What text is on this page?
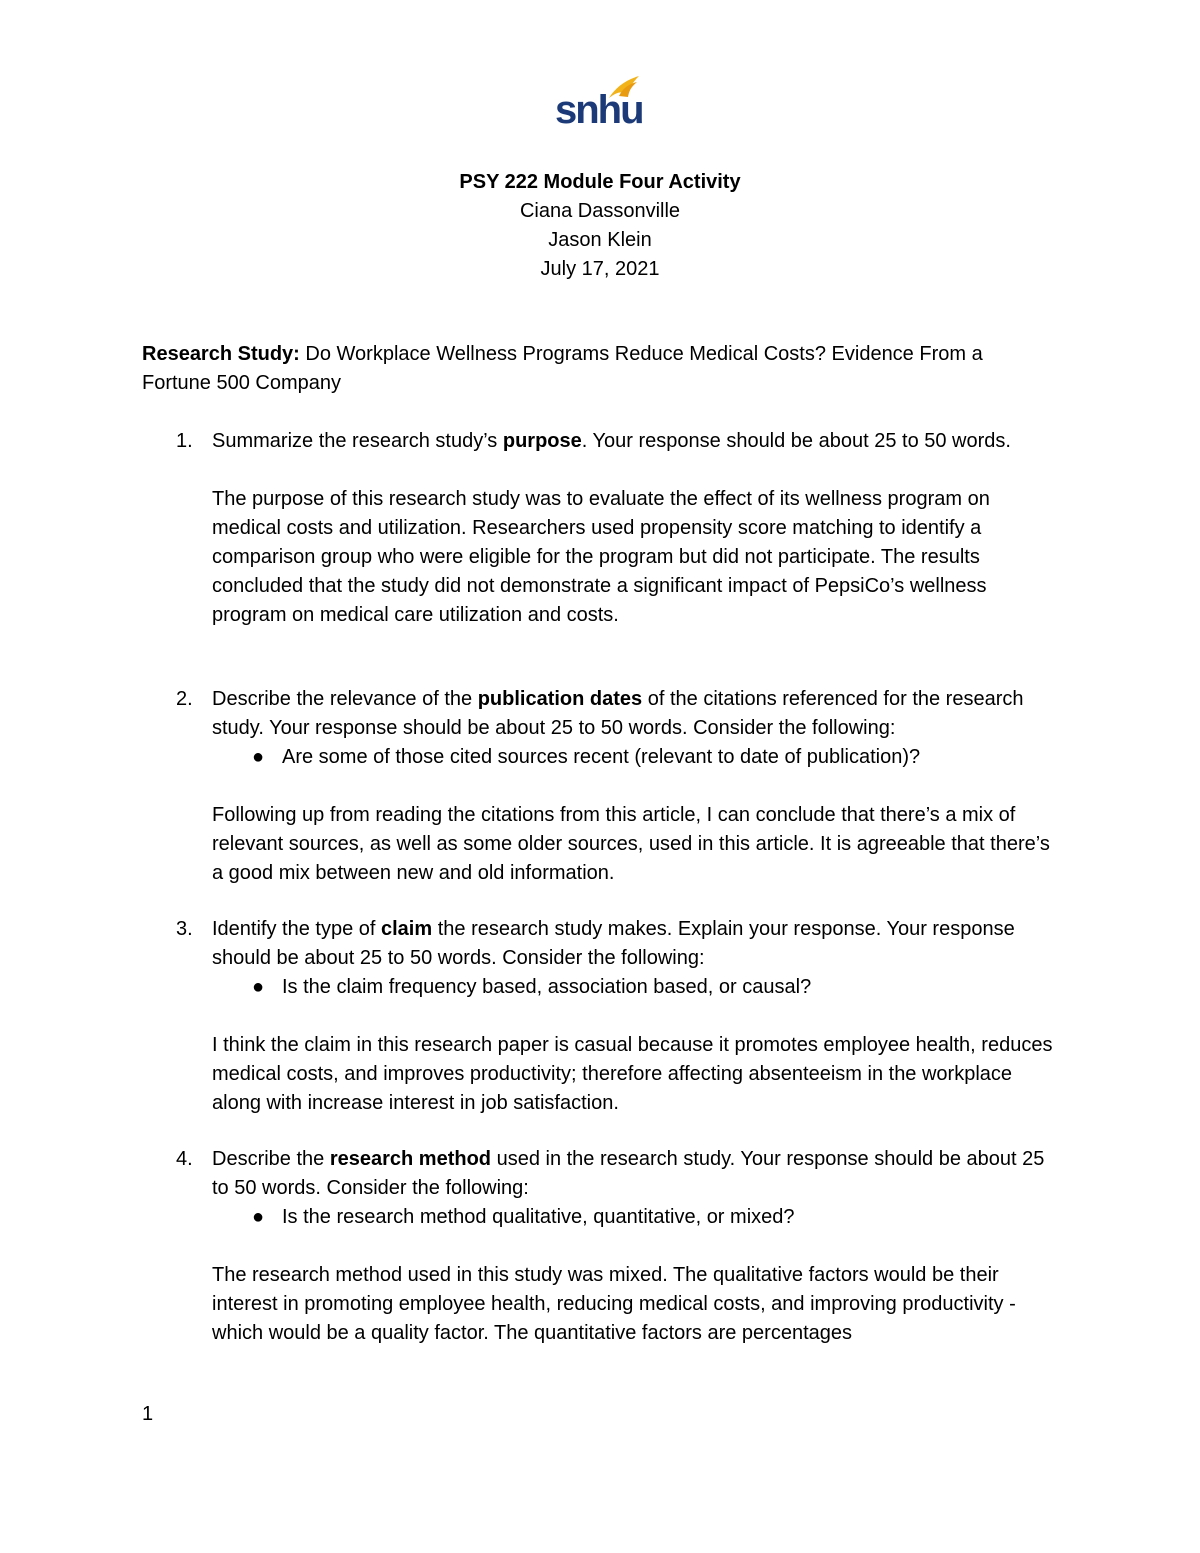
snhu
PSY 222 Module Four Activity
Ciana Dassonville
Jason Klein
July 17, 2021
Research Study: Do Workplace Wellness Programs Reduce Medical Costs? Evidence From a Fortune 500 Company
1. Summarize the research study’s purpose. Your response should be about 25 to 50 words.
The purpose of this research study was to evaluate the effect of its wellness program on medical costs and utilization. Researchers used propensity score matching to identify a comparison group who were eligible for the program but did not participate. The results concluded that the study did not demonstrate a significant impact of PepsiCo’s wellness program on medical care utilization and costs.
2. Describe the relevance of the publication dates of the citations referenced for the research study. Your response should be about 25 to 50 words. Consider the following:
● Are some of those cited sources recent (relevant to date of publication)?
Following up from reading the citations from this article, I can conclude that there’s a mix of relevant sources, as well as some older sources, used in this article. It is agreeable that there’s a good mix between new and old information.
3. Identify the type of claim the research study makes. Explain your response. Your response should be about 25 to 50 words. Consider the following:
● Is the claim frequency based, association based, or causal?
I think the claim in this research paper is casual because it promotes employee health, reduces medical costs, and improves productivity; therefore affecting absenteeism in the workplace along with increase interest in job satisfaction.
4. Describe the research method used in the research study. Your response should be about 25 to 50 words. Consider the following:
● Is the research method qualitative, quantitative, or mixed?
The research method used in this study was mixed. The qualitative factors would be their interest in promoting employee health, reducing medical costs, and improving productivity - which would be a quality factor. The quantitative factors are percentages
1
